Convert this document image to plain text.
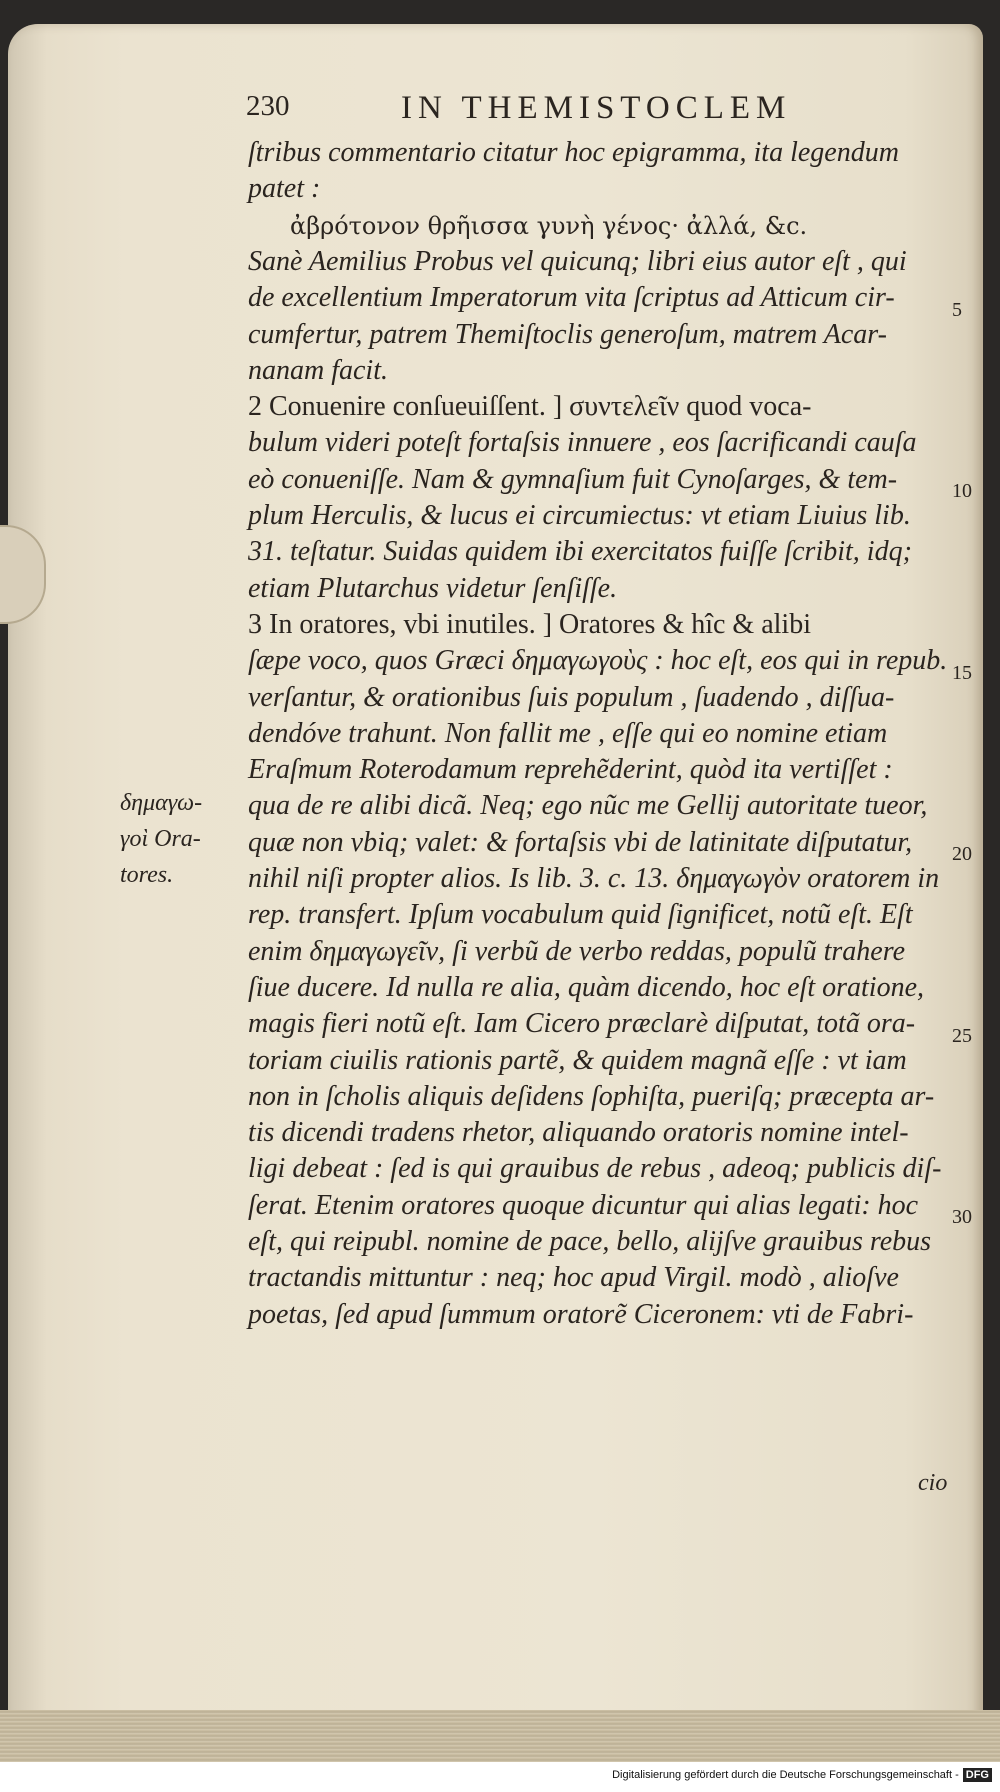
230	IN THEMISTOCLEM
ſtribus commentario citatur hoc epigramma, ita legendum
patet :
ἀβρότονον θρῆισσα γυνὴ γένος· ἀλλά, &c.
Sanè Aemilius Probus vel quicunq; libri eius autor eſt , qui
de excellentium Imperatorum vita ſcriptus ad Atticum cir-
cumfertur, patrem Themiſtoclis generoſum, matrem Acar-
nanam facit.
2 Conuenire conſueuiſſent. ] συντελεῖν quod voca-
bulum videri poteſt fortaſsis innuere , eos ſacrificandi cauſa
eò conueniſſe. Nam & gymnaſium fuit Cynoſarges, & tem-
plum Herculis, & lucus ei circumiectus: vt etiam Liuius lib.
31. teſtatur. Suidas quidem ibi exercitatos fuiſſe ſcribit, idq;
etiam Plutarchus videtur ſenſiſſe.
3 In oratores, vbi inutiles. ] Oratores & hîc & alibi
ſæpe voco, quos Græci δημαγωγοὺς : hoc eſt, eos qui in repub.
verſantur, & orationibus ſuis populum , ſuadendo , diſſua-
dendóve trahunt. Non fallit me , eſſe qui eo nomine etiam
Eraſmum Roterodamum reprehẽderint, quòd ita vertiſſet :
qua de re alibi dicã. Neq; ego nũc me Gellij autoritate tueor,
quæ non vbiq; valet: & fortaſsis vbi de latinitate diſputatur,
nihil niſi propter alios. Is lib. 3. c. 13. δημαγωγὸν oratorem in
rep. transfert. Ipſum vocabulum quid ſignificet, notũ eſt. Eſt
enim δημαγωγεῖν, ſi verbũ de verbo reddas, populũ trahere
ſiue ducere. Id nulla re alia, quàm dicendo, hoc eſt oratione,
magis fieri notũ eſt. Iam Cicero præclarè diſputat, totã ora-
toriam ciuilis rationis partẽ, & quidem magnã eſſe : vt iam
non in ſcholis aliquis deſidens ſophiſta, pueriſq; præcepta ar-
tis dicendi tradens rhetor, aliquando oratoris nomine intel-
ligi debeat : ſed is qui grauibus de rebus , adeoq; publicis diſ-
ſerat. Etenim oratores quoque dicuntur qui alias legati: hoc
eſt, qui reipubl. nomine de pace, bello, alijſve grauibus rebus
tractandis mittuntur : neq; hoc apud Virgil. modò , alioſve
poetas, ſed apud ſummum oratorẽ Ciceronem: vti de Fabri-
δημαγω-
γοὶ Ora-
tores.
5
10
15
20
25
30
cio
Digitalisierung gefördert durch die Deutsche Forschungsgemeinschaft - DFG
